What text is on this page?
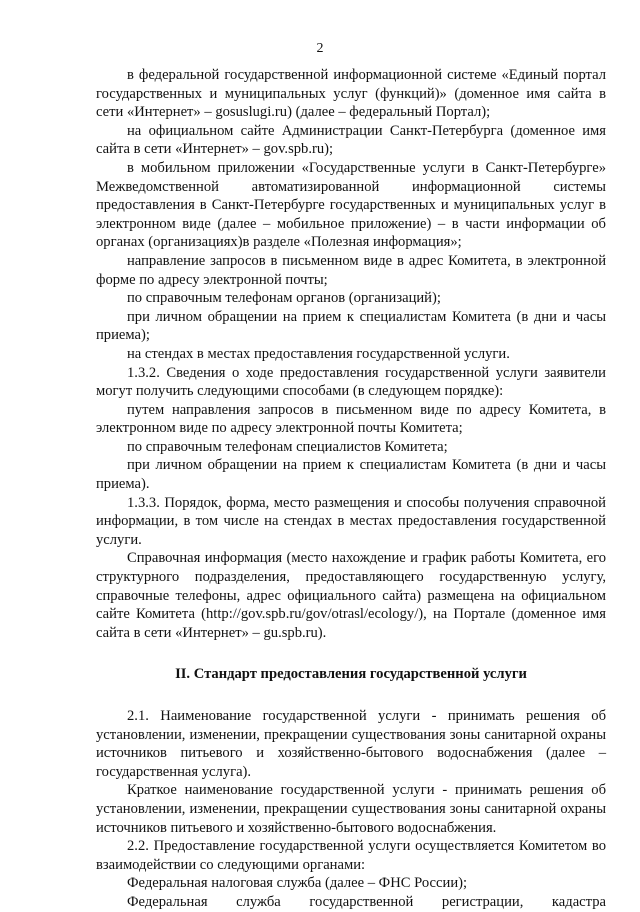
2

в федеральной государственной информационной системе «Единый портал государственных и муниципальных услуг (функций)» (доменное имя сайта в сети «Интернет» – gosuslugi.ru) (далее – федеральный Портал);

на официальном сайте Администрации Санкт-Петербурга (доменное имя сайта в сети «Интернет» – gov.spb.ru);

в мобильном приложении «Государственные услуги в Санкт-Петербурге» Межведомственной автоматизированной информационной системы предоставления в Санкт-Петербурге государственных и муниципальных услуг в электронном виде (далее – мобильное приложение) – в части информации об органах (организациях)в разделе «Полезная информация»;

направление запросов в письменном виде в адрес Комитета, в электронной форме по адресу электронной почты;

по справочным телефонам органов (организаций);

при личном обращении на прием к специалистам Комитета (в дни и часы приема);

на стендах в местах предоставления государственной услуги.

1.3.2. Сведения о ходе предоставления государственной услуги заявители могут получить следующими способами (в следующем порядке):

путем направления запросов в письменном виде по адресу Комитета, в электронном виде по адресу электронной почты Комитета;

по справочным телефонам специалистов Комитета;

при личном обращении на прием к специалистам Комитета (в дни и часы приема).

1.3.3. Порядок, форма, место размещения и способы получения справочной информации, в том числе на стендах в местах предоставления государственной услуги.

Справочная информация (место нахождение и график работы Комитета, его структурного подразделения, предоставляющего государственную услугу, справочные телефоны, адрес официального сайта) размещена на официальном сайте Комитета (http://gov.spb.ru/gov/otrasl/ecology/), на Портале (доменное имя сайта в сети «Интернет» – gu.spb.ru).

II. Стандарт предоставления государственной услуги

2.1. Наименование государственной услуги - принимать решения об установлении, изменении, прекращении существования зоны санитарной охраны источников питьевого и хозяйственно-бытового водоснабжения (далее – государственная услуга).

Краткое наименование государственной услуги - принимать решения об установлении, изменении, прекращении существования зоны санитарной охраны источников питьевого и хозяйственно-бытового водоснабжения.

2.2. Предоставление государственной услуги осуществляется Комитетом во взаимодействии со следующими органами:

Федеральная налоговая служба (далее – ФНС России);

Федеральная служба государственной регистрации, кадастра
